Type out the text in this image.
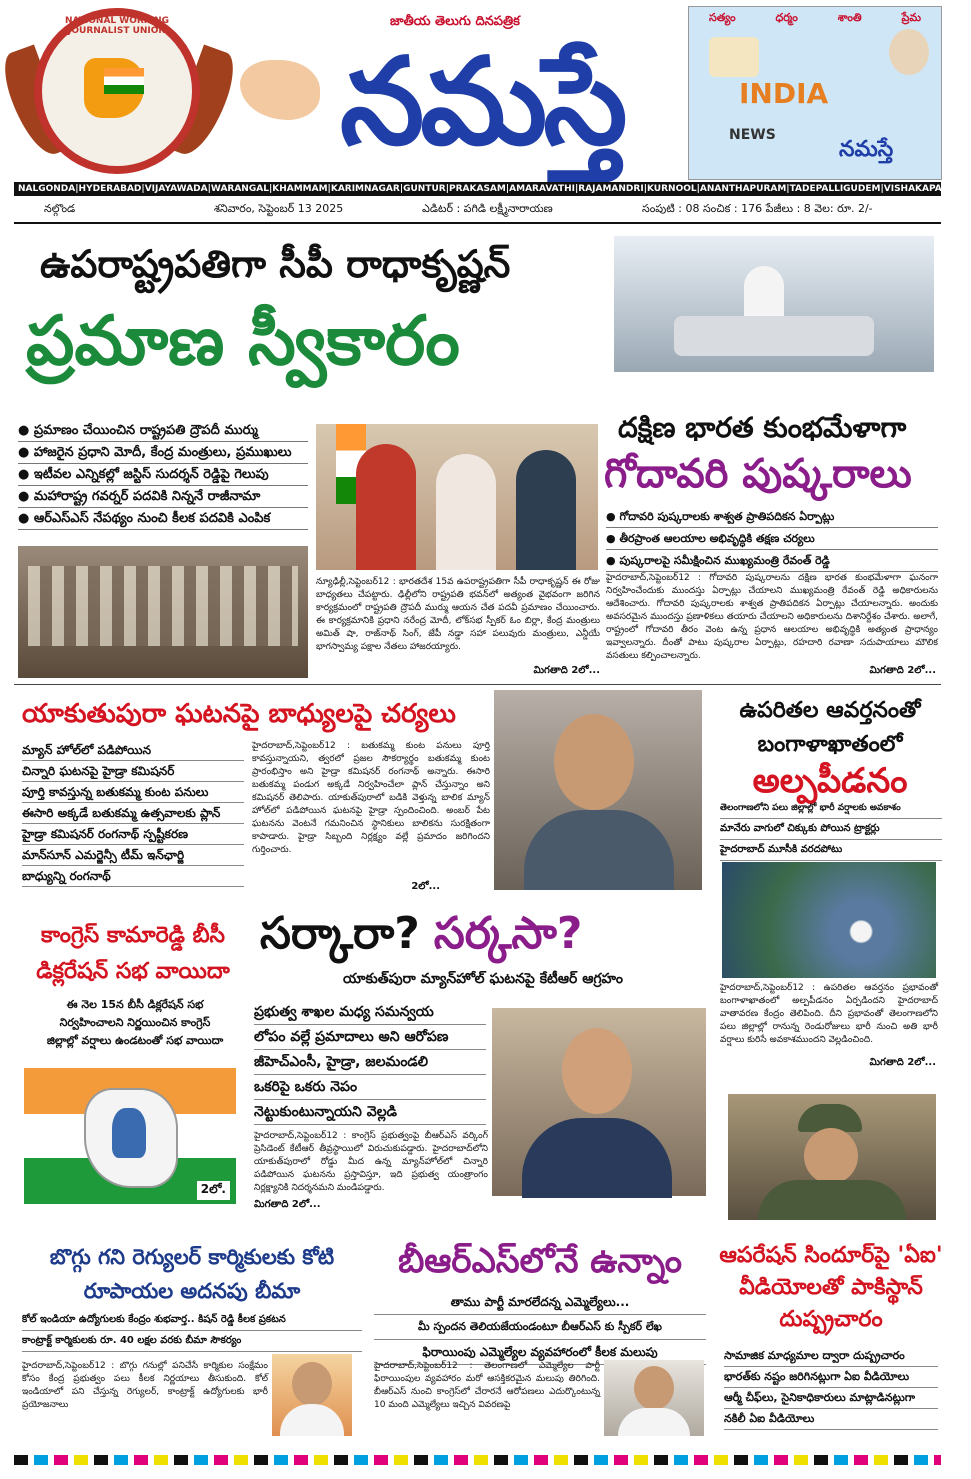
NATIONAL WORKING JOURNALIST UNION
జాతీయ తెలుగు దినపత్రిక
నమస్తే
సత్యం	ధర్మం	శాంతి	ప్రేమ
INDIA
NEWS
నమస్తే
NALGONDA | HYDERABAD | VIJAYAWADA | WARANGAL | KHAMMAM | KARIMNAGAR | GUNTUR | PRAKASAM | AMARAVATHI | RAJAMANDRI | KURNOOL | ANANTHAPURAM | TADEPALLIGUDEM | VISHAKAPATNAM
నల్గొండ	శనివారం, సెప్టెంబర్ 13 2025	ఎడిటర్ : పగిడి లక్ష్మీనారాయణ	సంపుటి : 08 సంచిక : 176 పేజీలు : 8 వెల: రూ. 2/-
ఉపరాష్ట్రపతిగా సీపీ రాధాకృష్ణన్
ప్రమాణ స్వీకారం
● ప్రమాణం చేయించిన రాష్ట్రపతి ద్రౌపదీ ముర్ము
● హాజరైన ప్రధాని మోదీ, కేంద్ర మంత్రులు, ప్రముఖులు
● ఇటీవల ఎన్నికల్లో జస్టిస్ సుదర్శన్ రెడ్డిపై గెలుపు
● మహారాష్ట్ర గవర్నర్ పదవికి నిన్ననే రాజీనామా
● ఆర్ఎస్ఎస్ నేపథ్యం నుంచి కీలక పదవికి ఎంపిక
న్యూఢిల్లీ,సెప్టెంబర్12 : భారతదేశ 15వ ఉపరాష్ట్రపతిగా సీపీ రాధాకృష్ణన్ ఈ రోజు బాధ్యతలు చేపట్టారు. ఢిల్లీలోని రాష్ట్రపతి భవన్‌లో అత్యంత వైభవంగా జరిగిన కార్యక్రమంలో రాష్ట్రపతి ద్రౌపదీ ముర్ము ఆయన చేత పదవీ ప్రమాణం చేయించారు. ఈ కార్యక్రమానికి ప్రధాని నరేంద్ర మోదీ, లోక్‌సభ స్పీకర్ ఓం బిర్లా, కేంద్ర మంత్రులు అమిత్ షా, రాజ్‌నాథ్ సింగ్, జేపీ నడ్డా సహా పలువురు మంత్రులు, ఎన్డీయే భాగస్వామ్య పక్షాల నేతలు హాజరయ్యారు.
మిగతాది 2లో...
దక్షిణ భారత కుంభమేళాగా
గోదావరి పుష్కరాలు
● గోదావరి పుష్కరాలకు శాశ్వత ప్రాతిపదికన ఏర్పాట్లు
● తీరప్రాంత ఆలయాల అభివృద్ధికి తక్షణ చర్యలు
● పుష్కరాలపై సమీక్షించిన ముఖ్యమంత్రి రేవంత్ రెడ్డి
హైదరాబాద్,సెప్టెంబర్12 : గోదావరి పుష్కరాలను దక్షిణ భారత కుంభమేళాగా ఘనంగా నిర్వహించేందుకు ముందస్తు ఏర్పాట్లు చేయాలని ముఖ్యమంత్రి రేవంత్ రెడ్డి అధికారులను ఆదేశించారు. గోదావరి పుష్కరాలకు శాశ్వత ప్రాతిపదికన ఏర్పాట్లు చేయాలన్నారు. అందుకు అవసరమైన ముందస్తు ప్రణాళికలు తయారు చేయాలని అధికారులను దిశానిర్దేశం చేశారు. అలాగే, రాష్ట్రంలో గోదావరి తీరం వెంట ఉన్న ప్రధాన ఆలయాల అభివృద్ధికి అత్యంత ప్రాధాన్యం ఇవ్వాలన్నారు. దీంతో పాటు పుష్కరాల ఏర్పాట్లు, రహదారి రవాణా సదుపాయాలు మౌలిక వసతులు కల్పించాలన్నారు.
మిగతాది 2లో...
యాకుతుపురా ఘటనపై బాధ్యులపై చర్యలు
మ్యాన్ హోల్‌లో పడిపోయిన
చిన్నారి ఘటనపై హైడ్రా కమిషనర్
పూర్తి కావస్తున్న బతుకమ్మ కుంట పనులు
ఈసారి అక్కడే బతుకమ్మ ఉత్సవాలకు ప్లాన్
హైడ్రా కమిషనర్ రంగనాథ్ స్పష్టీకరణ
మాన్‌సూన్ ఎమర్జెన్సీ టీమ్ ఇన్‌ఛార్జి
బాధ్యున్ని రంగనాథ్
హైదరాబాద్,సెప్టెంబర్12 : బతుకమ్మ కుంట పనులు పూర్తి కావస్తున్నాయని, త్వరలో ప్రజల సౌకర్యార్థం బతుకమ్మ కుంట ప్రారంభిస్తాం అని హైడ్రా కమిషనర్ రంగనాథ్ అన్నారు. ఈసారి బతుకమ్మ పండుగ అక్కడే నిర్వహించేలా ప్లాన్ చేస్తున్నాం అని కమిషనర్ తెలిపారు. యాకుత్‌పురాలో బడికి వెళ్తున్న బాలిక మ్యాన్ హోల్‌లో పడిపోయిన ఘటనపై హైడ్రా స్పందించింది. అంబర్ పేట ఘటనను వెంటనే గమనించిన స్థానికులు బాలికను సురక్షితంగా కాపాడారు. హైడ్రా సిబ్బంది నిర్లక్ష్యం వల్లే ప్రమాదం జరిగిందని గుర్తించారు.
2లో...
ఉపరితల ఆవర్తనంతో బంగాళాఖాతంలో
అల్పపీడనం
తెలంగాణలోని పలు జిల్లాల్లో భారీ వర్షాలకు అవకాశం
మానేరు వాగులో చిక్కుకు పోయిన ట్రాక్టర్లు
హైదరాబాద్ మూసీకి వరదపోటు
హైదరాబాద్,సెప్టెంబర్12 : ఉపరితల ఆవర్తనం ప్రభావంతో బంగాళాఖాతంలో అల్పపీడనం ఏర్పడిందని హైదరాబాద్ వాతావరణ కేంద్రం తెలిపింది. దీని ప్రభావంతో తెలంగాణలోని పలు జిల్లాల్లో రానున్న రెండురోజులు భారీ నుంచి అతి భారీ వర్షాలు కురిసే అవకాశముందని వెల్లడించింది.
మిగతాది 2లో...
కాంగ్రెస్ కామారెడ్డి బీసీ డిక్లరేషన్ సభ వాయిదా
ఈ నెల 15న బీసీ డిక్లరేషన్ సభ
నిర్వహించాలని నిర్ణయించిన కాంగ్రెస్
జిల్లాల్లో వర్షాలు ఉండటంతో సభ వాయిదా
2లో.
సర్కారా? సర్కసా?
యాకుత్‌పురా మ్యాన్‌హోల్ ఘటనపై కేటీఆర్ ఆగ్రహం
ప్రభుత్వ శాఖల మధ్య సమన్వయ
లోపం వల్లే ప్రమాదాలు అని ఆరోపణ
జీహెచ్ఎంసీ, హైడ్రా, జలమండలి
ఒకరిపై ఒకరు నెపం
నెట్టుకుంటున్నాయని వెల్లడి
హైదరాబాద్,సెప్టెంబర్12 : కాంగ్రెస్ ప్రభుత్వంపై బీఆర్ఎస్ వర్కింగ్ ప్రెసిడెంట్ కేటీఆర్ తీవ్రస్థాయిలో విరుచుకుపడ్డారు. హైదరాబాద్‌లోని యాకుత్‌పురాలో రోడ్డు మీద ఉన్న మ్యాన్‌హోల్‌లో చిన్నారి పడిపోయిన ఘటనను ప్రస్తావిస్తూ, ఇది ప్రభుత్వ యంత్రాంగం నిర్లక్ష్యానికి నిదర్శనమని మండిపడ్డారు.
మిగతాది 2లో...
ఆపరేషన్ సిందూర్‌పై 'ఏఐ' వీడియోలతో పాకిస్థాన్ దుష్ప్రచారం
సామాజిక మాధ్యమాల ద్వారా దుష్ప్రచారం
భారత్‌కు నష్టం జరిగినట్లుగా ఏఐ వీడియోలు
ఆర్మీ చీఫ్‌లు, సైనికాధికారులు మాట్లాడినట్లుగా
నకిలీ ఏఐ వీడియోలు
బొగ్గు గని రెగ్యులర్ కార్మికులకు కోటి రూపాయల అదనపు బీమా
కోల్ ఇండియా ఉద్యోగులకు కేంద్రం శుభవార్త.. కిషన్ రెడ్డి కీలక ప్రకటన
కాంట్రాక్ట్ కార్మికులకు రూ. 40 లక్షల వరకు బీమా సౌకర్యం
హైదరాబాద్,సెప్టెంబర్12 : బొగ్గు గనుల్లో పనిచేసే కార్మికుల సంక్షేమం కోసం కేంద్ర ప్రభుత్వం పలు కీలక నిర్ణయాలు తీసుకుంది. కోల్ ఇండియాలో పని చేస్తున్న రెగ్యులర్, కాంట్రాక్ట్ ఉద్యోగులకు భారీ ప్రయోజనాలు
బీఆర్ఎస్‌లోనే ఉన్నాం
తాము పార్టీ మారలేదన్న ఎమ్మెల్యేలు...
మీ స్పందన తెలియజేయండంటూ బీఆర్ఎస్ కు స్పీకర్ లేఖ
ఫిరాయింపు ఎమ్మెల్యేల వ్యవహారంలో కీలక మలుపు
హైదరాబాద్,సెప్టెంబర్12 : తెలంగాణలో ఎమ్మెల్యేల పార్టీ ఫిరాయింపుల వ్యవహారం మరో ఆసక్తికరమైన మలుపు తిరిగింది. బీఆర్ఎస్ నుంచి కాంగ్రెస్‌లో చేరారనే ఆరోపణలు ఎదుర్కొంటున్న 10 మంది ఎమ్మెల్యేలు ఇచ్చిన వివరణపై
